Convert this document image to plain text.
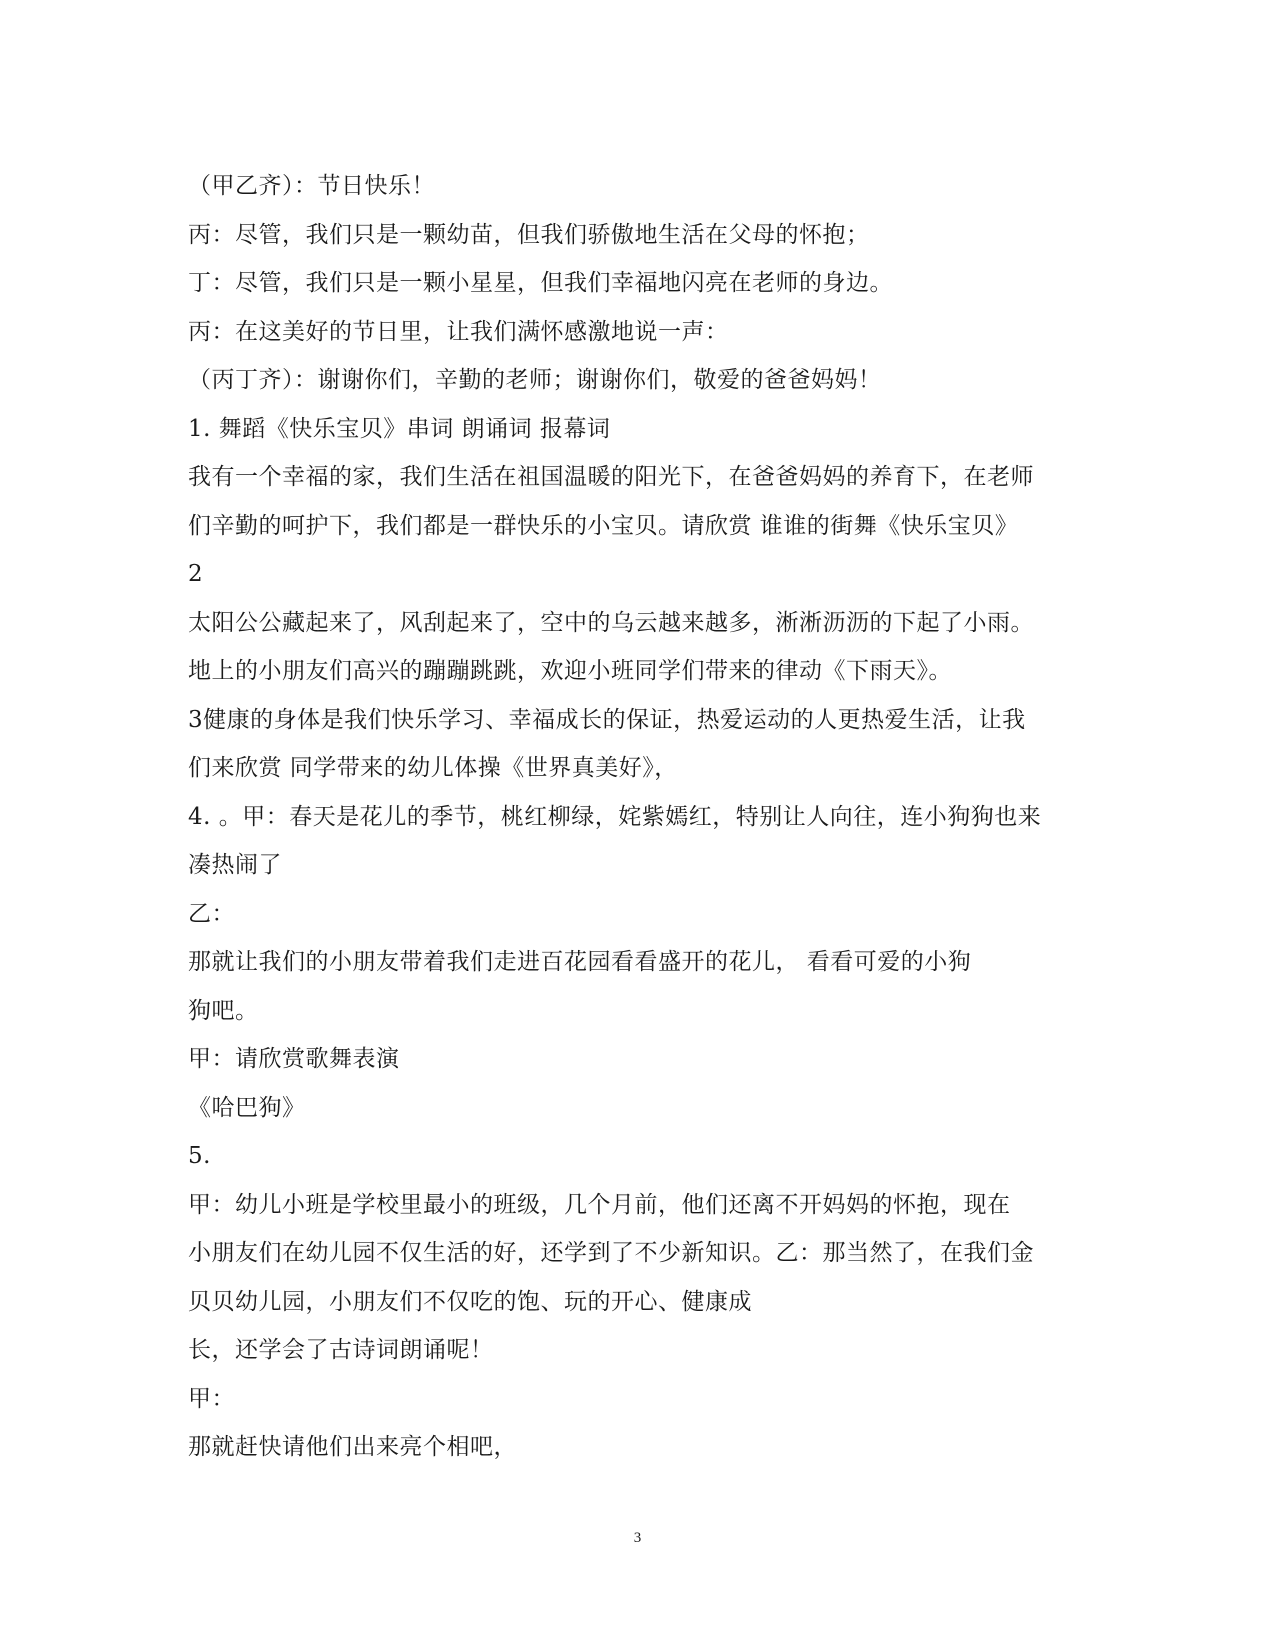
（甲乙齐）：节日快乐！
丙：尽管，我们只是一颗幼苗，但我们骄傲地生活在父母的怀抱；
丁：尽管，我们只是一颗小星星，但我们幸福地闪亮在老师的身边。
丙：在这美好的节日里，让我们满怀感激地说一声：
（丙丁齐）：谢谢你们，辛勤的老师；谢谢你们，敬爱的爸爸妈妈！
1. 舞蹈《快乐宝贝》串词 朗诵词 报幕词
我有一个幸福的家，我们生活在祖国温暖的阳光下，在爸爸妈妈的养育下，在老师
们辛勤的呵护下，我们都是一群快乐的小宝贝。请欣赏 谁谁的街舞《快乐宝贝》
2
太阳公公藏起来了，风刮起来了，空中的乌云越来越多，淅淅沥沥的下起了小雨。
地上的小朋友们高兴的蹦蹦跳跳，欢迎小班同学们带来的律动《下雨天》。
3健康的身体是我们快乐学习、幸福成长的保证，热爱运动的人更热爱生活，让我
们来欣赏 同学带来的幼儿体操《世界真美好》，
4. 。甲：春天是花儿的季节，桃红柳绿，姹紫嫣红，特别让人向往，连小狗狗也来
凑热闹了
乙：
那就让我们的小朋友带着我们走进百花园看看盛开的花儿， 看看可爱的小狗
狗吧。
甲：请欣赏歌舞表演
《哈巴狗》
5.
甲：幼儿小班是学校里最小的班级，几个月前，他们还离不开妈妈的怀抱，现在
小朋友们在幼儿园不仅生活的好，还学到了不少新知识。乙：那当然了，在我们金
贝贝幼儿园，小朋友们不仅吃的饱、玩的开心、健康成
长，还学会了古诗词朗诵呢！
甲：
那就赶快请他们出来亮个相吧，
3
